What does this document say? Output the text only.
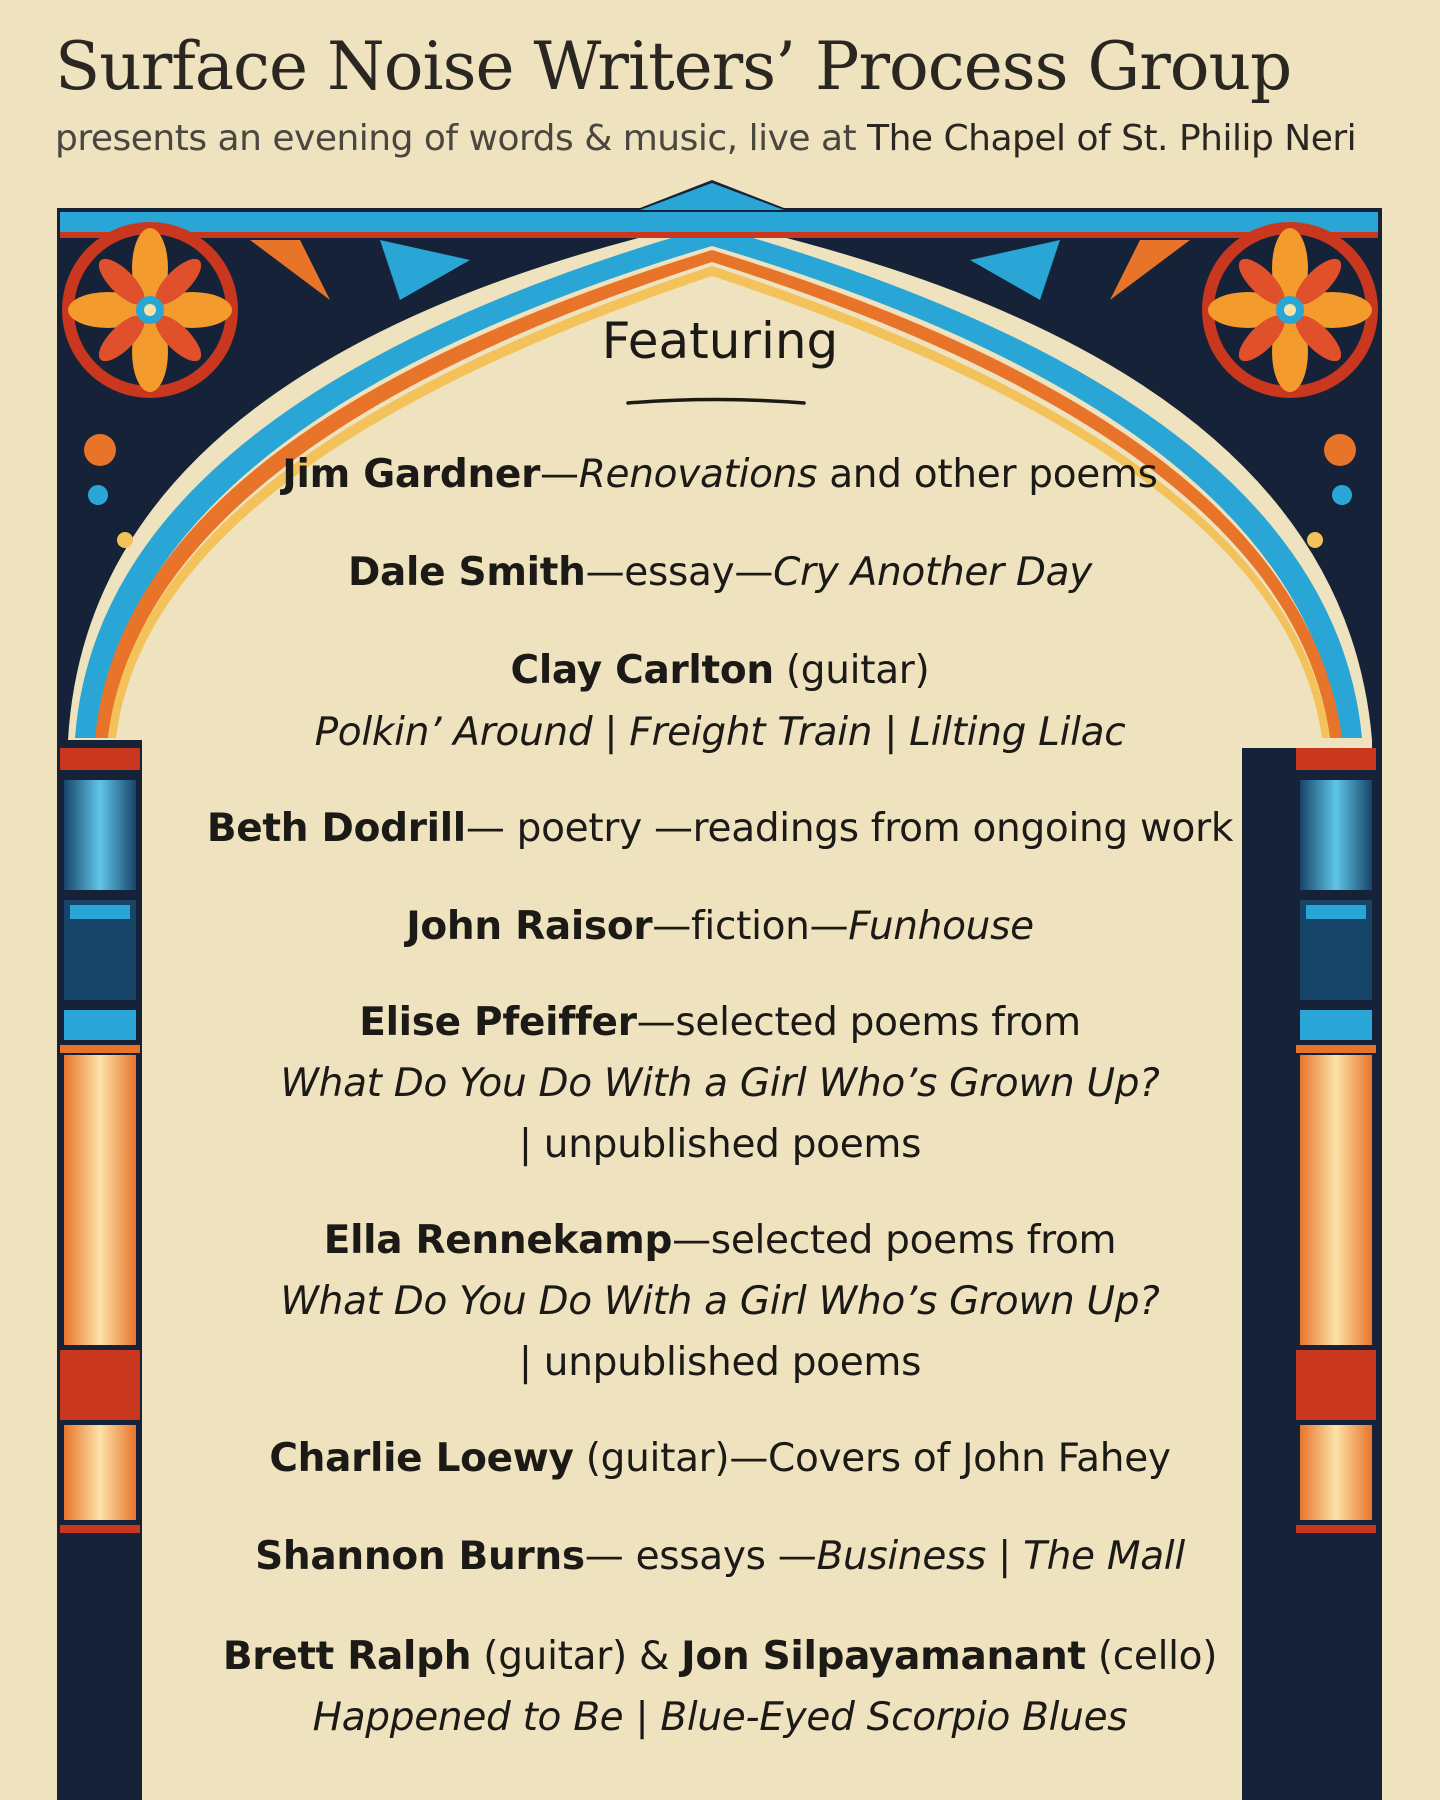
Surface Noise Writers’ Process Group
presents an evening of words & music, live at The Chapel of St. Philip Neri
Featuring
Jim Gardner—Renovations and other poems
Dale Smith—essay—Cry Another Day
Clay Carlton (guitar)
Polkin’ Around | Freight Train | Lilting Lilac
Beth Dodrill— poetry —readings from ongoing work
John Raisor—fiction—Funhouse
Elise Pfeiffer—selected poems from
What Do You Do With a Girl Who’s Grown Up?
| unpublished poems
Ella Rennekamp—selected poems from
What Do You Do With a Girl Who’s Grown Up?
| unpublished poems
Charlie Loewy (guitar)—Covers of John Fahey
Shannon Burns— essays —Business | The Mall
Brett Ralph (guitar) & Jon Silpayamanant (cello)
Happened to Be | Blue-Eyed Scorpio Blues
